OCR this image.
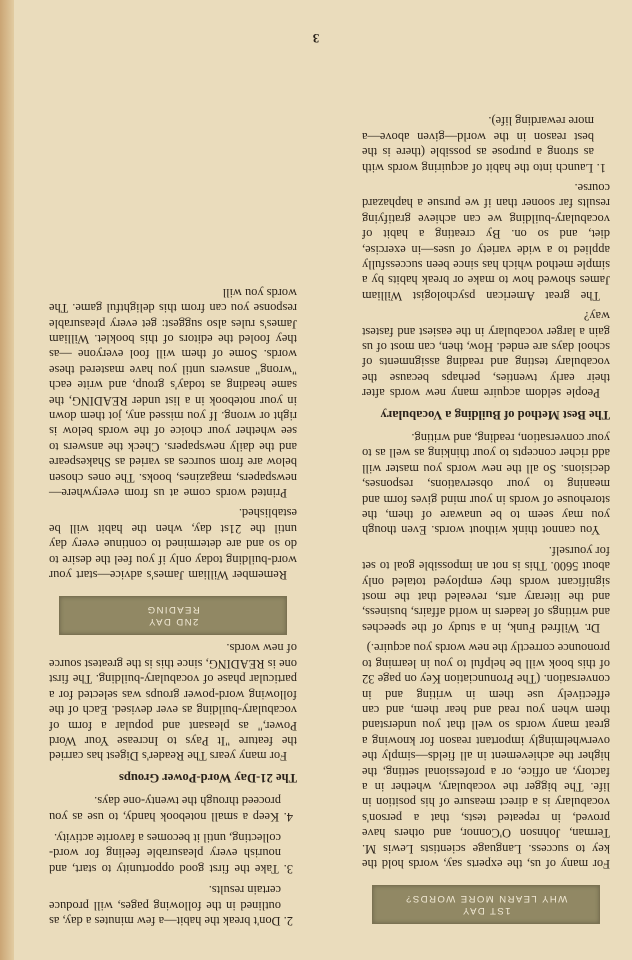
3
1ST DAY
WHY LEARN MORE WORDS?

For many of us, the experts say, words hold the key to success. Language scientists Lewis M. Terman, Johnson O'Connor, and others have proved, in repeated tests, that a person's vocabulary is a direct measure of his position in life. The bigger the vocabulary, whether in a factory, an office, or a professional setting, the higher the achievement in all fields—simply the overwhelmingly important reason for knowing a great many words so well that you understand them when you read and hear them, and can effectively use them in writing and in conversation. (The Pronunciation Key on page 32 of this book will be helpful to you in learning to pronounce correctly the new words you acquire.)

Dr. Wilfred Funk, in a study of the speeches and writings of leaders in world affairs, business, and the literary arts, revealed that the most significant words they employed totaled only about 5600. This is not an impossible goal to set for yourself.

You cannot think without words. Even though you may seem to be unaware of them, the storehouse of words in your mind gives form and meaning to your observations, responses, decisions. So all the new words you master will add richer concepts to your thinking as well as to your conversation, reading, and writing.

The Best Method of Building a Vocabulary

People seldom acquire many new words after their early twenties, perhaps because the vocabulary testing and reading assignments of school days are ended. How, then, can most of us gain a larger vocabulary in the easiest and fastest way?

The great American psychologist William James showed how to make or break habits by a simple method which has since been successfully applied to a wide variety of uses—in exercise, diet, and so on. By creating a habit of vocabulary-building we can achieve gratifying results far sooner than if we pursue a haphazard course.

1. Launch into the habit of acquiring words with as strong a purpose as possible (there is the best reason in the world—given above—a more rewarding life).
2. Don't break the habit—a few minutes a day, as outlined in the following pages, will produce certain results.
3. Take the first good opportunity to start, and nourish every pleasurable feeling for word-collecting, until it becomes a favorite activity.
4. Keep a small notebook handy, to use as you proceed through the twenty-one days.
The 21-Day Word-Power Groups

For many years The Reader's Digest has carried the feature "It Pays to Increase Your Word Power," as pleasant and popular a form of vocabulary-building as ever devised. Each of the following word-power groups was selected for a particular phase of vocabulary-building. The first one is READING, since this is the greatest source of new words.

2ND DAY
READING

Remember William James's advice—start your word-building today only if you feel the desire to do so and are determined to continue every day until the 21st day, when the habit will be established.

Printed words come at us from everywhere—newspapers, magazines, books. The ones chosen below are from sources as varied as Shakespeare and the daily newspapers. Check the answers to see whether your choice of the words below is right or wrong. If you missed any, jot them down in your notebook in a list under READING, the same heading as today's group, and write each "wrong" answers until you have mastered these words. Some of them will fool everyone —as they fooled the editors of this booklet. William James's rules also suggest: get every pleasurable response you can from this delightful game. The words you will
